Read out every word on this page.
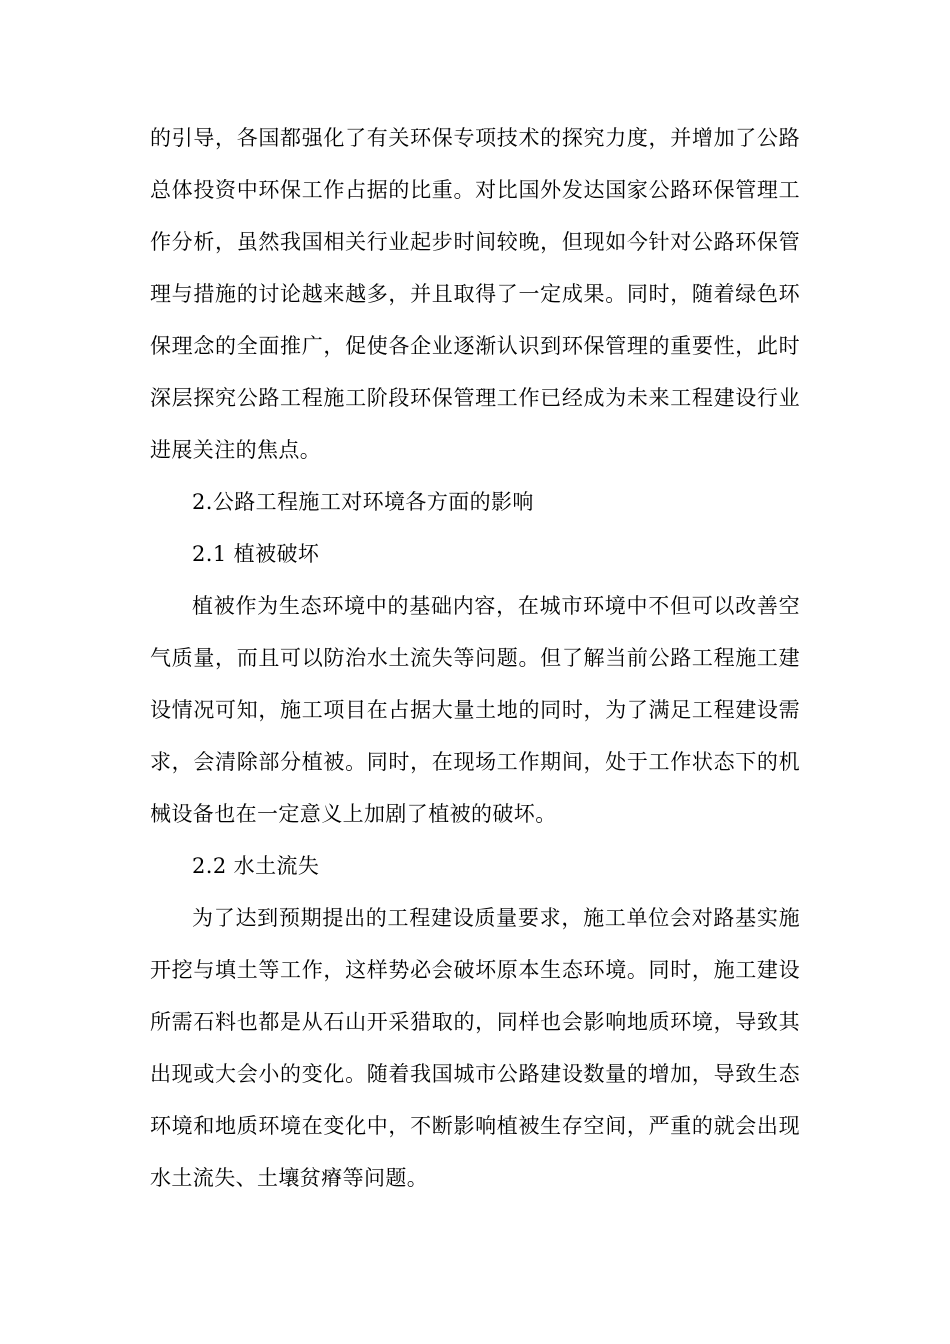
的引导，各国都强化了有关环保专项技术的探究力度，并增加了公路总体投资中环保工作占据的比重。对比国外发达国家公路环保管理工作分析，虽然我国相关行业起步时间较晚，但现如今针对公路环保管理与措施的讨论越来越多，并且取得了一定成果。同时，随着绿色环保理念的全面推广，促使各企业逐渐认识到环保管理的重要性，此时深层探究公路工程施工阶段环保管理工作已经成为未来工程建设行业进展关注的焦点。

2.公路工程施工对环境各方面的影响

2.1 植被破坏

植被作为生态环境中的基础内容，在城市环境中不但可以改善空气质量，而且可以防治水土流失等问题。但了解当前公路工程施工建设情况可知，施工项目在占据大量土地的同时，为了满足工程建设需求，会清除部分植被。同时，在现场工作期间，处于工作状态下的机械设备也在一定意义上加剧了植被的破坏。

2.2 水土流失

为了达到预期提出的工程建设质量要求，施工单位会对路基实施开挖与填土等工作，这样势必会破坏原本生态环境。同时，施工建设所需石料也都是从石山开采猎取的，同样也会影响地质环境，导致其出现或大会小的变化。随着我国城市公路建设数量的增加，导致生态环境和地质环境在变化中，不断影响植被生存空间，严重的就会出现水土流失、土壤贫瘠等问题。
